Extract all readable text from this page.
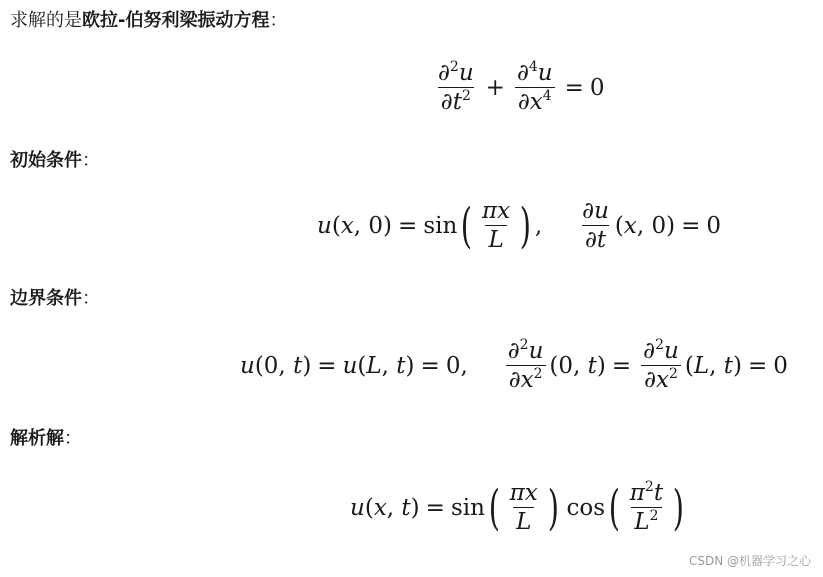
求解的是欧拉-伯努利梁振动方程：
$\frac{\partial^2u}{\partial t^2} + \frac{\partial^4u}{\partial x^4} = 0$
初始条件：
u(x, 0) = sin ( $\frac{\pi x}{L}$ ) , $\frac{\partial u}{\partial t} (x$, 0) = 0
边界条件：
u(0, t) = u(L, t) = 0, $\frac{\partial^2u}{\partial x^2} (0$, $t) = \frac{\partial^2u}{\partial x^2} (L$, t) = 0
解析解：
u(x, t) = sin ( $\frac{\pi x}{L}$ ) cos ( $\frac{\pi^2t}{L^2}$ )
CSDN @机器学习之心
